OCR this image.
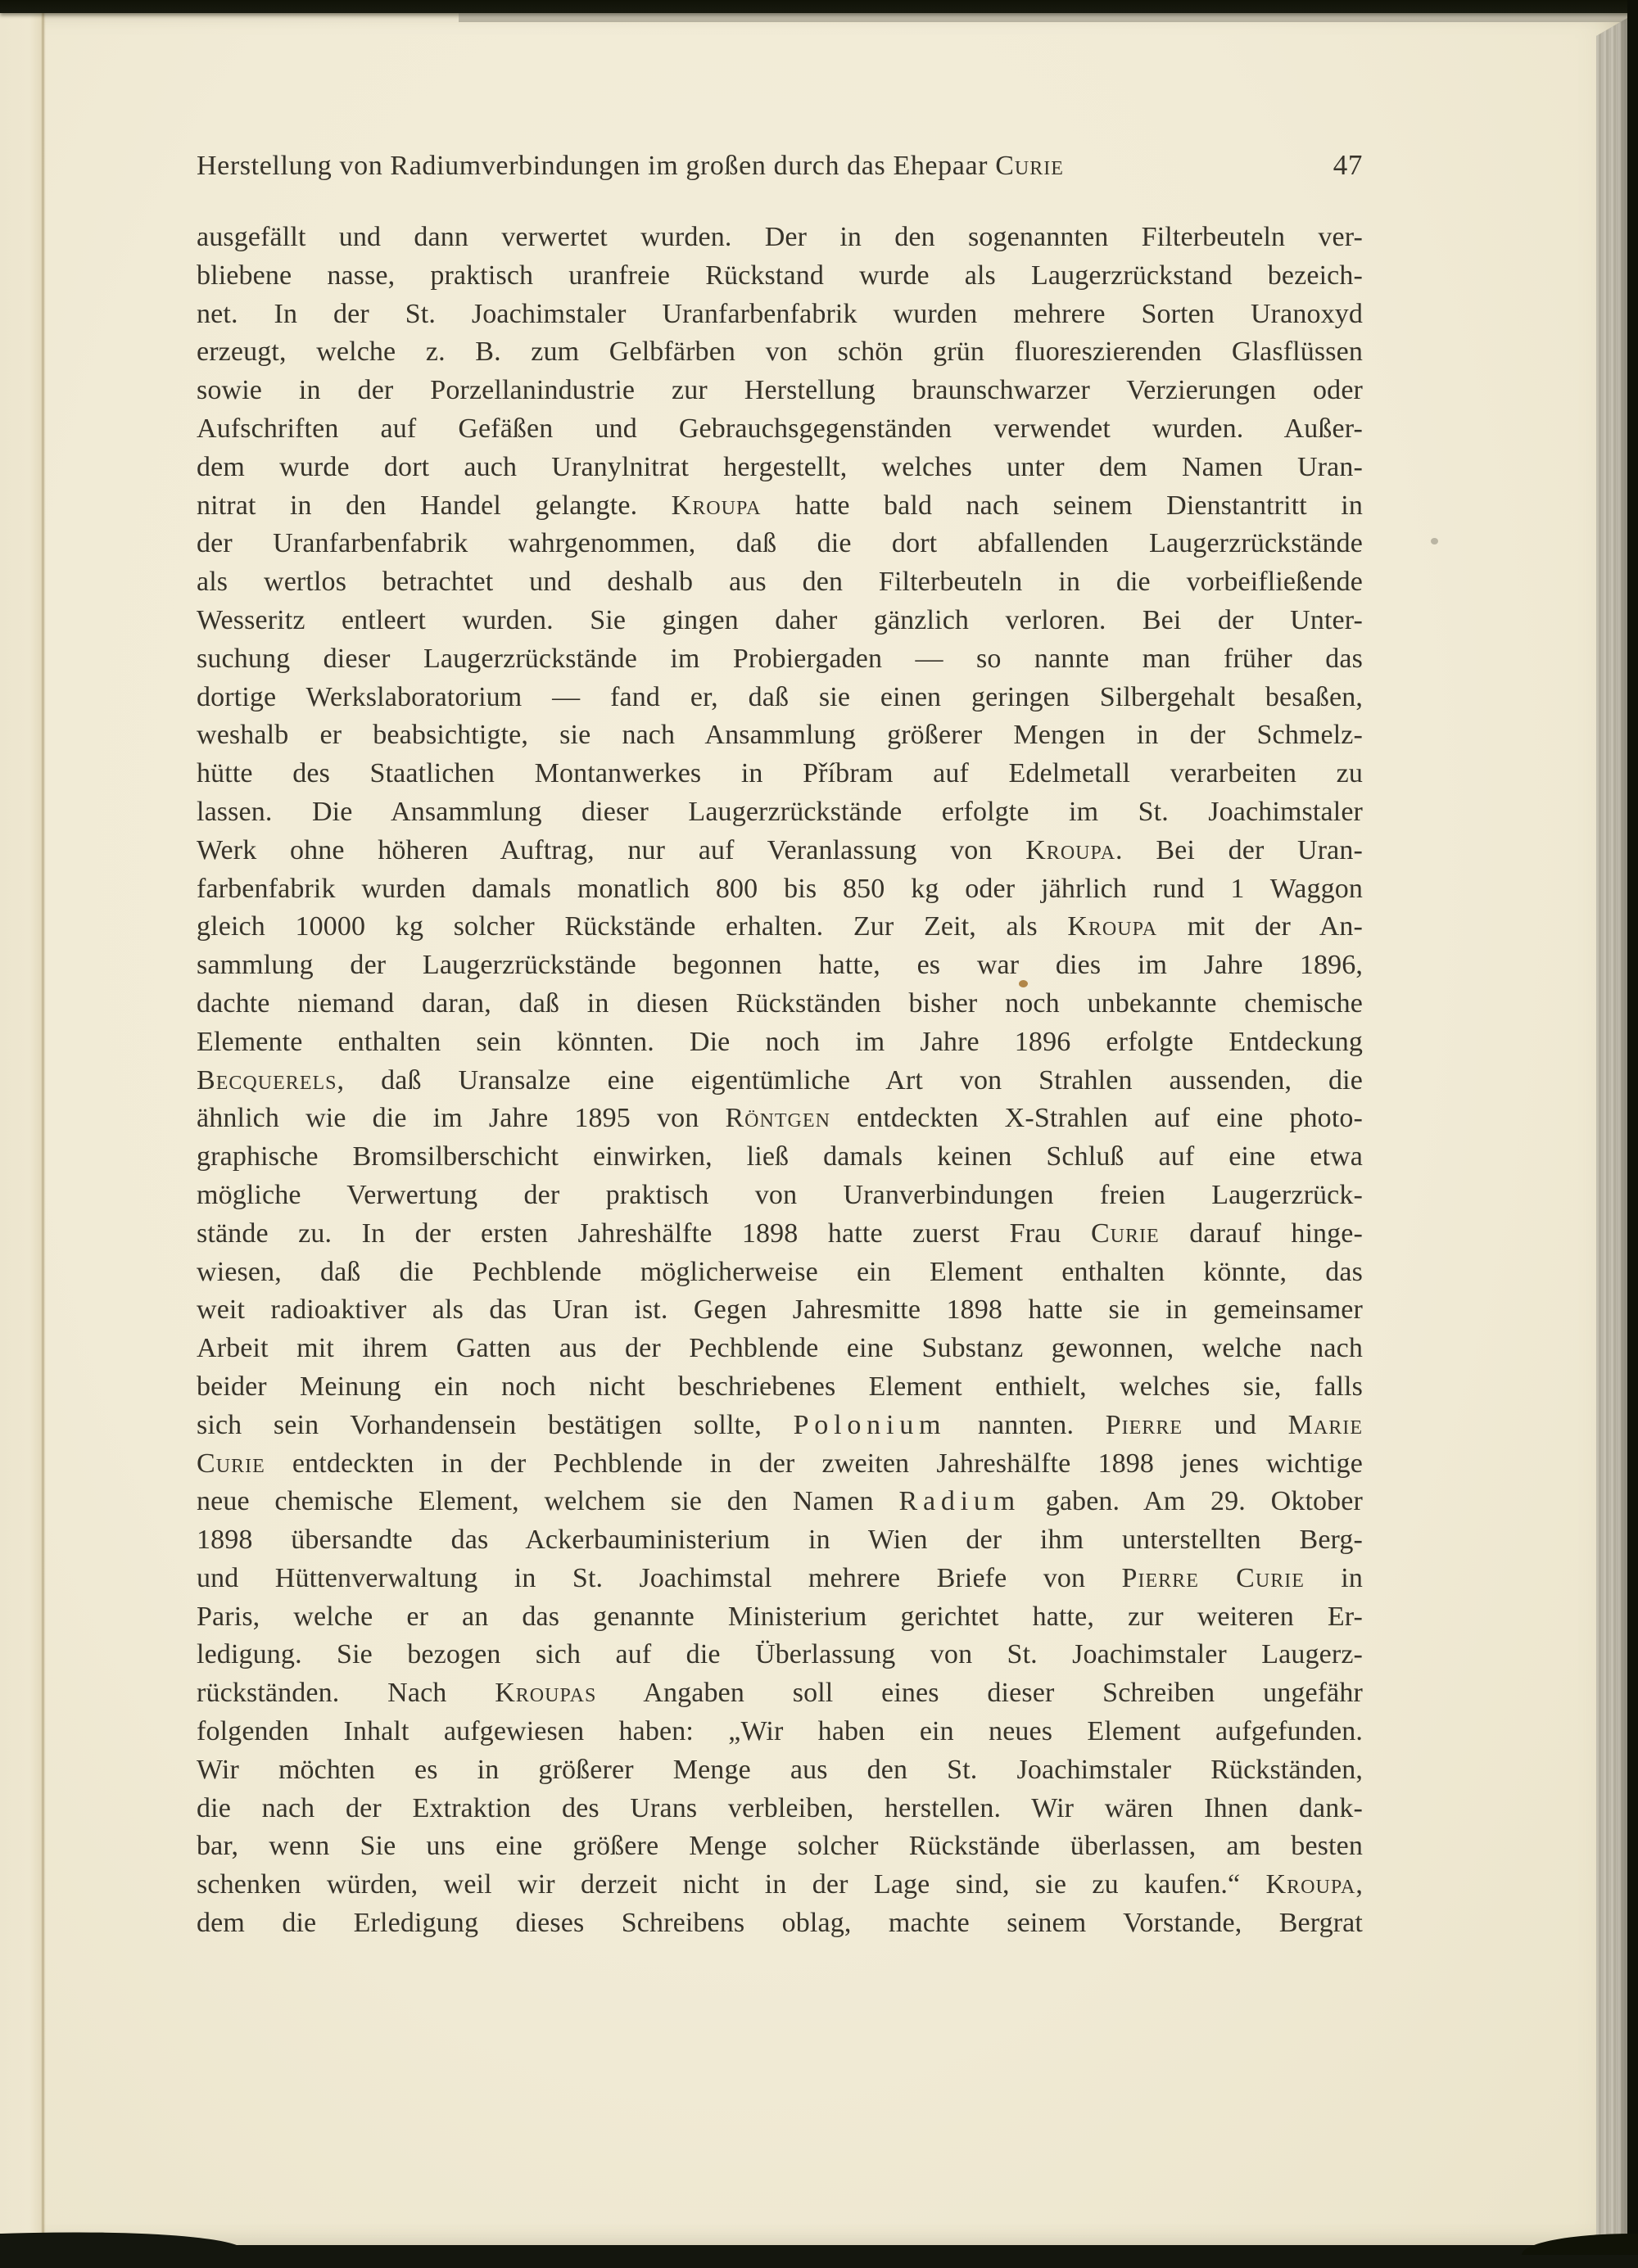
Herstellung von Radiumverbindungen im großen durch das Ehepaar Curie	47
ausgefällt und dann verwertet wurden. Der in den sogenannten Filterbeuteln ver-
bliebene nasse, praktisch uranfreie Rückstand wurde als Laugerzrückstand bezeich-
net. In der St. Joachimstaler Uranfarbenfabrik wurden mehrere Sorten Uranoxyd
erzeugt, welche z. B. zum Gelbfärben von schön grün fluoreszierenden Glasflüssen
sowie in der Porzellanindustrie zur Herstellung braunschwarzer Verzierungen oder
Aufschriften auf Gefäßen und Gebrauchsgegenständen verwendet wurden. Außer-
dem wurde dort auch Uranylnitrat hergestellt, welches unter dem Namen Uran-
nitrat in den Handel gelangte. Kroupa hatte bald nach seinem Dienstantritt in
der Uranfarbenfabrik wahrgenommen, daß die dort abfallenden Laugerzrückstände
als wertlos betrachtet und deshalb aus den Filterbeuteln in die vorbeifließende
Wesseritz entleert wurden. Sie gingen daher gänzlich verloren. Bei der Unter-
suchung dieser Laugerzrückstände im Probiergaden — so nannte man früher das
dortige Werkslaboratorium — fand er, daß sie einen geringen Silbergehalt besaßen,
weshalb er beabsichtigte, sie nach Ansammlung größerer Mengen in der Schmelz-
hütte des Staatlichen Montanwerkes in Příbram auf Edelmetall verarbeiten zu
lassen. Die Ansammlung dieser Laugerzrückstände erfolgte im St. Joachimstaler
Werk ohne höheren Auftrag, nur auf Veranlassung von Kroupa. Bei der Uran-
farbenfabrik wurden damals monatlich 800 bis 850 kg oder jährlich rund 1 Waggon
gleich 10000 kg solcher Rückstände erhalten. Zur Zeit, als Kroupa mit der An-
sammlung der Laugerzrückstände begonnen hatte, es war dies im Jahre 1896,
dachte niemand daran, daß in diesen Rückständen bisher noch unbekannte chemische
Elemente enthalten sein könnten. Die noch im Jahre 1896 erfolgte Entdeckung
Becquerels, daß Uransalze eine eigentümliche Art von Strahlen aussenden, die
ähnlich wie die im Jahre 1895 von Röntgen entdeckten X-Strahlen auf eine photo-
graphische Bromsilberschicht einwirken, ließ damals keinen Schluß auf eine etwa
mögliche Verwertung der praktisch von Uranverbindungen freien Laugerzrück-
stände zu. In der ersten Jahreshälfte 1898 hatte zuerst Frau Curie darauf hinge-
wiesen, daß die Pechblende möglicherweise ein Element enthalten könnte, das
weit radioaktiver als das Uran ist. Gegen Jahresmitte 1898 hatte sie in gemeinsamer
Arbeit mit ihrem Gatten aus der Pechblende eine Substanz gewonnen, welche nach
beider Meinung ein noch nicht beschriebenes Element enthielt, welches sie, falls
sich sein Vorhandensein bestätigen sollte, Polonium nannten. Pierre und Marie
Curie entdeckten in der Pechblende in der zweiten Jahreshälfte 1898 jenes wichtige
neue chemische Element, welchem sie den Namen Radium gaben. Am 29. Oktober
1898 übersandte das Ackerbauministerium in Wien der ihm unterstellten Berg-
und Hüttenverwaltung in St. Joachimstal mehrere Briefe von Pierre Curie in
Paris, welche er an das genannte Ministerium gerichtet hatte, zur weiteren Er-
ledigung. Sie bezogen sich auf die Überlassung von St. Joachimstaler Laugerz-
rückständen. Nach Kroupas Angaben soll eines dieser Schreiben ungefähr
folgenden Inhalt aufgewiesen haben: „Wir haben ein neues Element aufgefunden.
Wir möchten es in größerer Menge aus den St. Joachimstaler Rückständen,
die nach der Extraktion des Urans verbleiben, herstellen. Wir wären Ihnen dank-
bar, wenn Sie uns eine größere Menge solcher Rückstände überlassen, am besten
schenken würden, weil wir derzeit nicht in der Lage sind, sie zu kaufen.“ Kroupa,
dem die Erledigung dieses Schreibens oblag, machte seinem Vorstande, Bergrat
